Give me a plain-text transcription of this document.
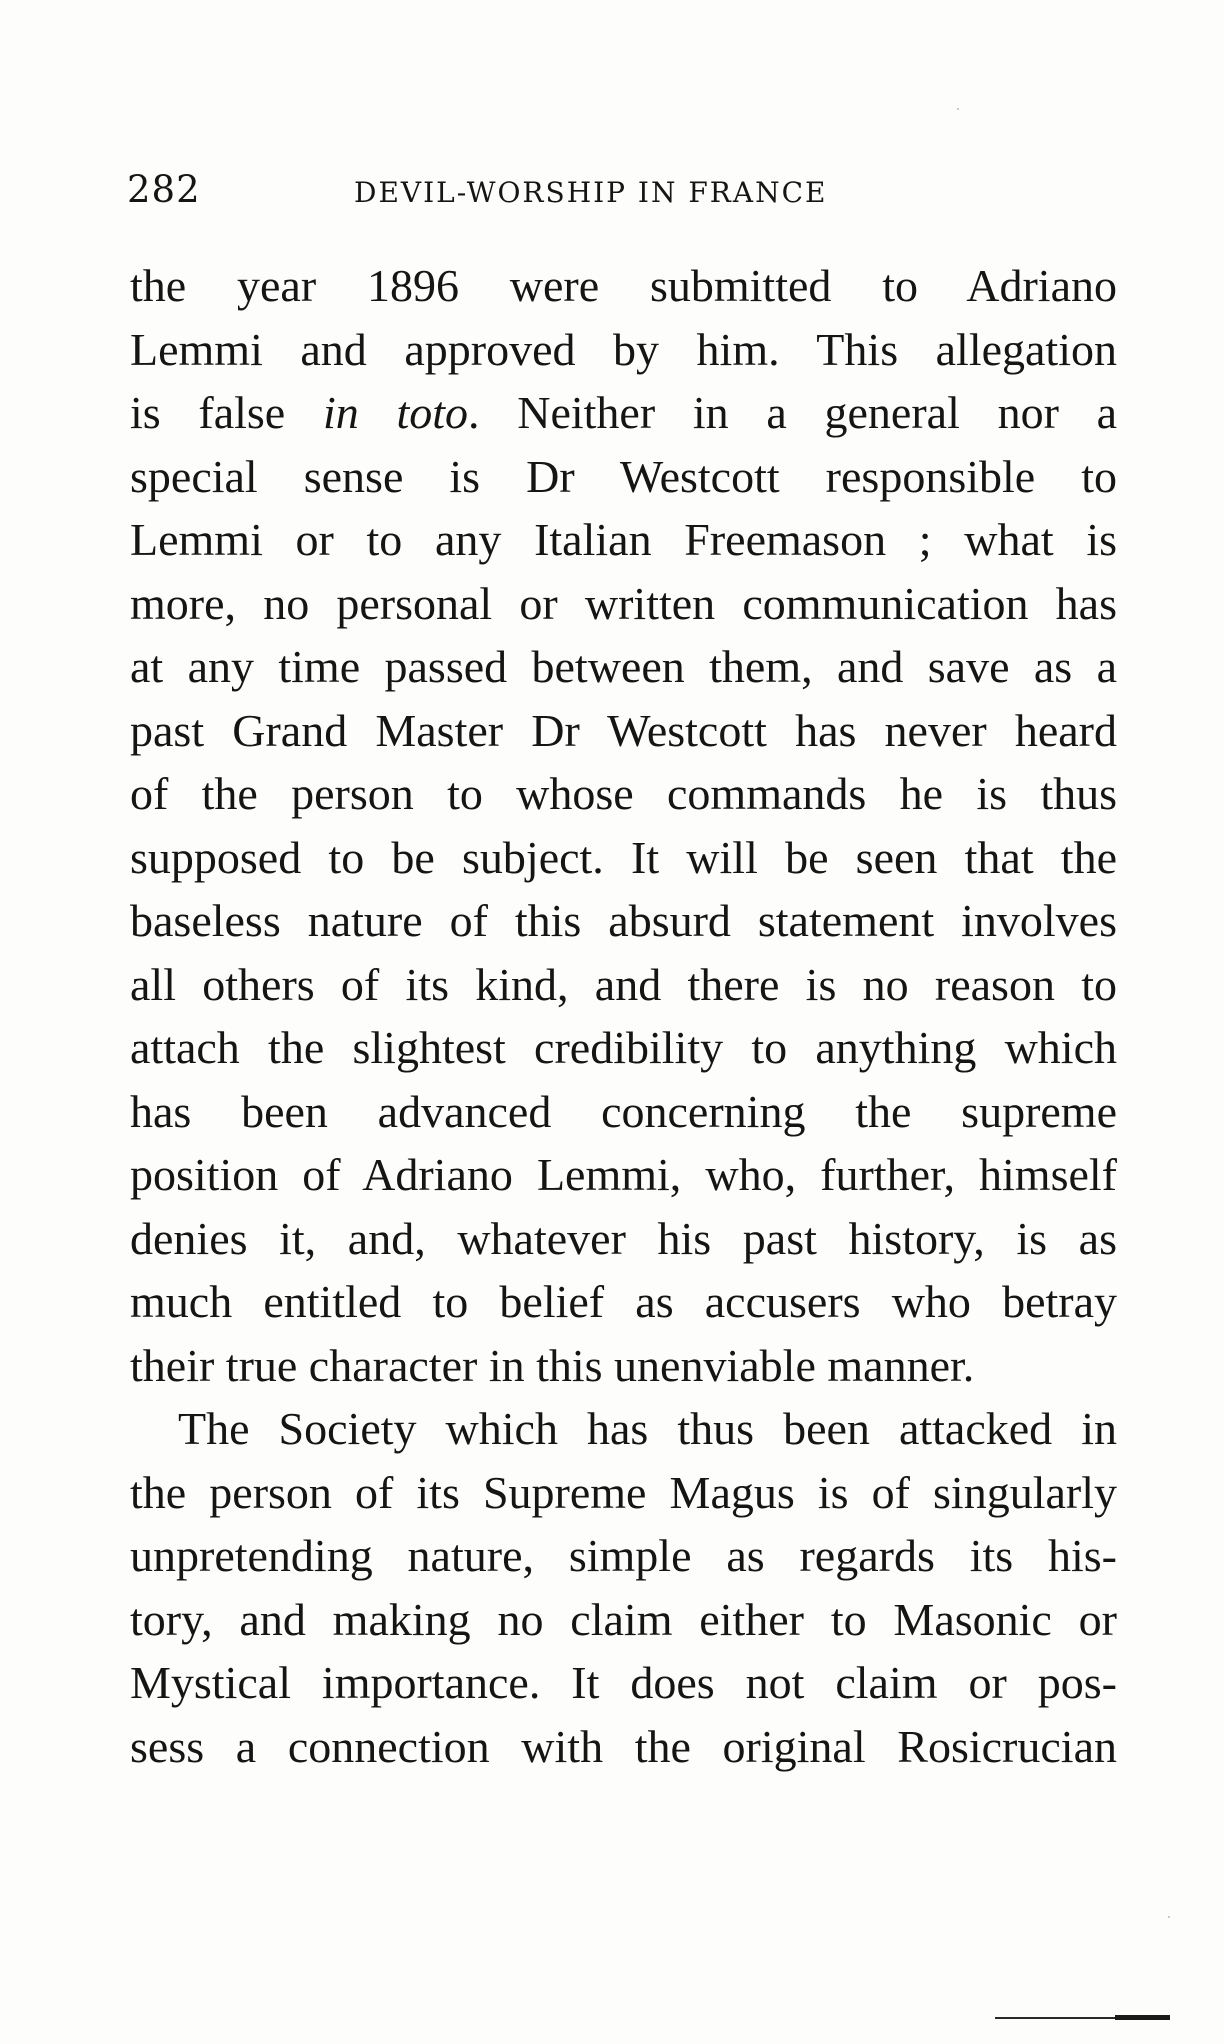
282	DEVIL-WORSHIP IN FRANCE
the year 1896 were submitted to Adriano
Lemmi and approved by him. This allegation
is false in toto. Neither in a general nor a
special sense is Dr Westcott responsible to
Lemmi or to any Italian Freemason ; what is
more, no personal or written communication has
at any time passed between them, and save as a
past Grand Master Dr Westcott has never heard
of the person to whose commands he is thus
supposed to be subject. It will be seen that the
baseless nature of this absurd statement involves
all others of its kind, and there is no reason to
attach the slightest credibility to anything which
has been advanced concerning the supreme
position of Adriano Lemmi, who, further, himself
denies it, and, whatever his past history, is as
much entitled to belief as accusers who betray
their true character in this unenviable manner.
The Society which has thus been attacked in
the person of its Supreme Magus is of singularly
unpretending nature, simple as regards its his-
tory, and making no claim either to Masonic or
Mystical importance. It does not claim or pos-
sess a connection with the original Rosicrucian
